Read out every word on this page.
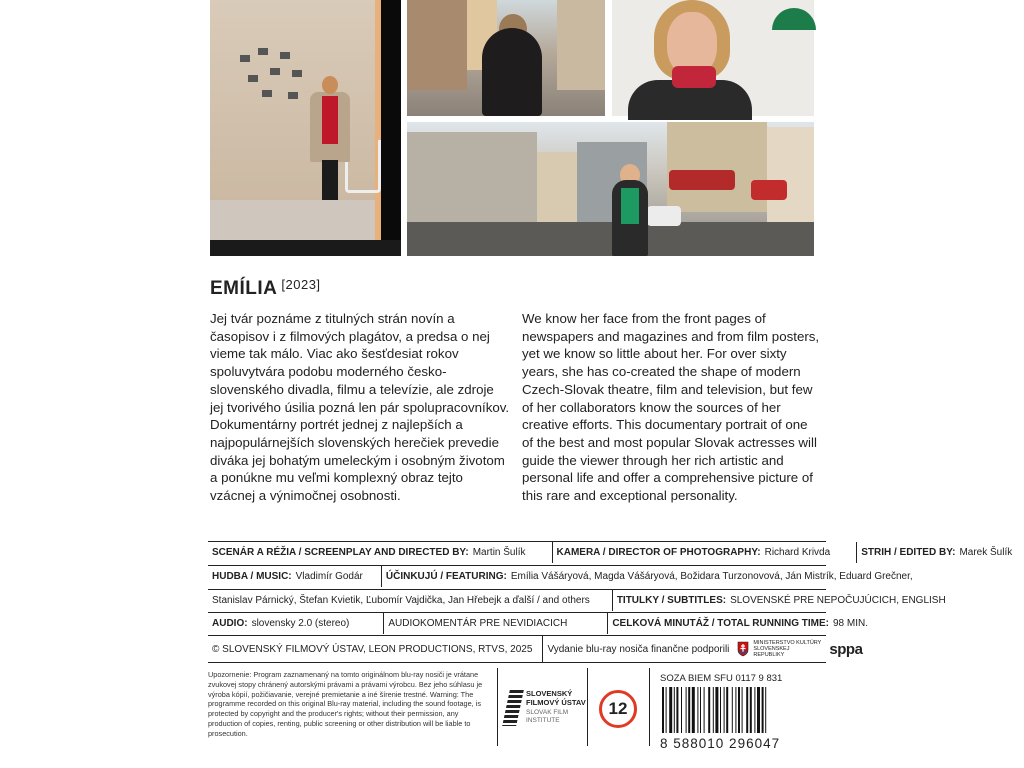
EMÍLIA [2023]
Jej tvár poznáme z titulných strán novín a časopisov i z filmových plagátov, a predsa o nej vieme tak málo. Viac ako šesťdesiat rokov spoluvytvára podobu moderného česko-slovenského divadla, filmu a televízie, ale zdroje jej tvorivého úsilia pozná len pár spolupracovníkov. Dokumentárny portrét jednej z najlepších a najpopulárnejších slovenských herečiek prevedie diváka jej bohatým umeleckým i osobným životom a ponúkne mu veľmi komplexný obraz tejto vzácnej a výnimočnej osobnosti.
We know her face from the front pages of newspapers and magazines and from film posters, yet we know so little about her. For over sixty years, she has co-created the shape of modern Czech-Slovak theatre, film and television, but few of her collaborators know the sources of her creative efforts. This documentary portrait of one of the best and most popular Slovak actresses will guide the viewer through her rich artistic and personal life and offer a comprehensive picture of this rare and exceptional personality.
SCENÁR A RÉŽIA / SCREENPLAY AND DIRECTED BY: Martin Šulík	KAMERA / DIRECTOR OF PHOTOGRAPHY: Richard Krivda	STRIH / EDITED BY: Marek Šulík
HUDBA / MUSIC: Vladimír Godár ÚČINKUJÚ / FEATURING: Emília Vášáryová, Magda Vášáryová, Božidara Turzonovová, Ján Mistrík, Eduard Grečner,
Stanislav Párnický, Štefan Kvietik, Ľubomír Vajdička, Jan Hřebejk a ďalší / and others	TITULKY / SUBTITLES: SLOVENSKÉ PRE NEPOČUJÚCICH, ENGLISH
AUDIO: slovensky 2.0 (stereo)	AUDIOKOMENTÁR PRE NEVIDIACICH	CELKOVÁ MINUTÁŽ / TOTAL RUNNING TIME: 98 MIN.
© SLOVENSKÝ FILMOVÝ ÚSTAV, LEON PRODUCTIONS, RTVS, 2025 Vydanie blu-ray nosiča finančne podporili
MINISTERSTVO KULTÚRY SLOVENSKEJ REPUBLIKY	sppa
Upozornenie: Program zaznamenaný na tomto originálnom blu-ray nosiči je vrátane zvukovej stopy chránený autorskými právami a právami výrobcu. Bez jeho súhlasu je výroba kópií, požičiavanie, verejné premietanie a iné šírenie trestné. Warning: The programme recorded on this original Blu-ray material, including the sound footage, is protected by copyright and the producer's rights; without their permission, any production of copies, renting, public screening or other distribution will be liable to prosecution.
SLOVENSKÝ FILMOVÝ ÚSTAV
SLOVAK FILM INSTITUTE
12
SOZA BIEM SFU 0117 9 831
8 588010 296047
